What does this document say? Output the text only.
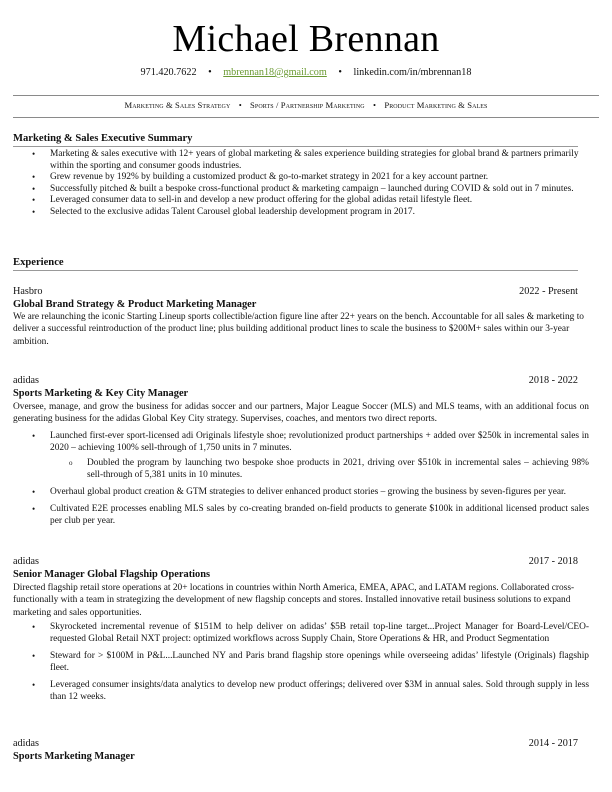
Michael Brennan
971.420.7622 • mbrennan18@gmail.com • linkedin.com/in/mbrennan18
Marketing & Sales Strategy • Sports / Partnership Marketing • Product Marketing & Sales
Marketing & Sales Executive Summary
• Marketing & sales executive with 12+ years of global marketing & sales experience building strategies for global brand & partners primarily within the sporting and consumer goods industries.
• Grew revenue by 192% by building a customized product & go-to-market strategy in 2021 for a key account partner.
• Successfully pitched & built a bespoke cross-functional product & marketing campaign – launched during COVID & sold out in 7 minutes.
• Leveraged consumer data to sell-in and develop a new product offering for the global adidas retail lifestyle fleet.
• Selected to the exclusive adidas Talent Carousel global leadership development program in 2017.
Experience
Hasbro	2022 - Present
Global Brand Strategy & Product Marketing Manager
We are relaunching the iconic Starting Lineup sports collectible/action figure line after 22+ years on the bench. Accountable for all sales & marketing to deliver a successful reintroduction of the product line; plus building additional product lines to scale the business to $200M+ sales within our 3-year ambition.
adidas	2018 - 2022
Sports Marketing & Key City Manager
Oversee, manage, and grow the business for adidas soccer and our partners, Major League Soccer (MLS) and MLS teams, with an additional focus on generating business for the adidas Global Key City strategy. Supervises, coaches, and mentors two direct reports.
• Launched first-ever sport-licensed adi Originals lifestyle shoe; revolutionized product partnerships + added over $250k in incremental sales in 2020 – achieving 100% sell-through of 1,750 units in 7 minutes.
o Doubled the program by launching two bespoke shoe products in 2021, driving over $510k in incremental sales – achieving 98% sell-through of 5,381 units in 10 minutes.
• Overhaul global product creation & GTM strategies to deliver enhanced product stories – growing the business by seven-figures per year.
• Cultivated E2E processes enabling MLS sales by co-creating branded on-field products to generate $100k in additional licensed product sales per club per year.
adidas	2017 - 2018
Senior Manager Global Flagship Operations
Directed flagship retail store operations at 20+ locations in countries within North America, EMEA, APAC, and LATAM regions. Collaborated cross-functionally with a team in strategizing the development of new flagship concepts and stores. Installed innovative retail business solutions to expand marketing and sales opportunities.
• Skyrocketed incremental revenue of $151M to help deliver on adidas’ $5B retail top-line target...Project Manager for Board-Level/CEO-requested Global Retail NXT project: optimized workflows across Supply Chain, Store Operations & HR, and Product Segmentation
• Steward for > $100M in P&L...Launched NY and Paris brand flagship store openings while overseeing adidas’ lifestyle (Originals) flagship fleet.
• Leveraged consumer insights/data analytics to develop new product offerings; delivered over $3M in annual sales. Sold through supply in less than 12 weeks.
adidas	2014 - 2017
Sports Marketing Manager
